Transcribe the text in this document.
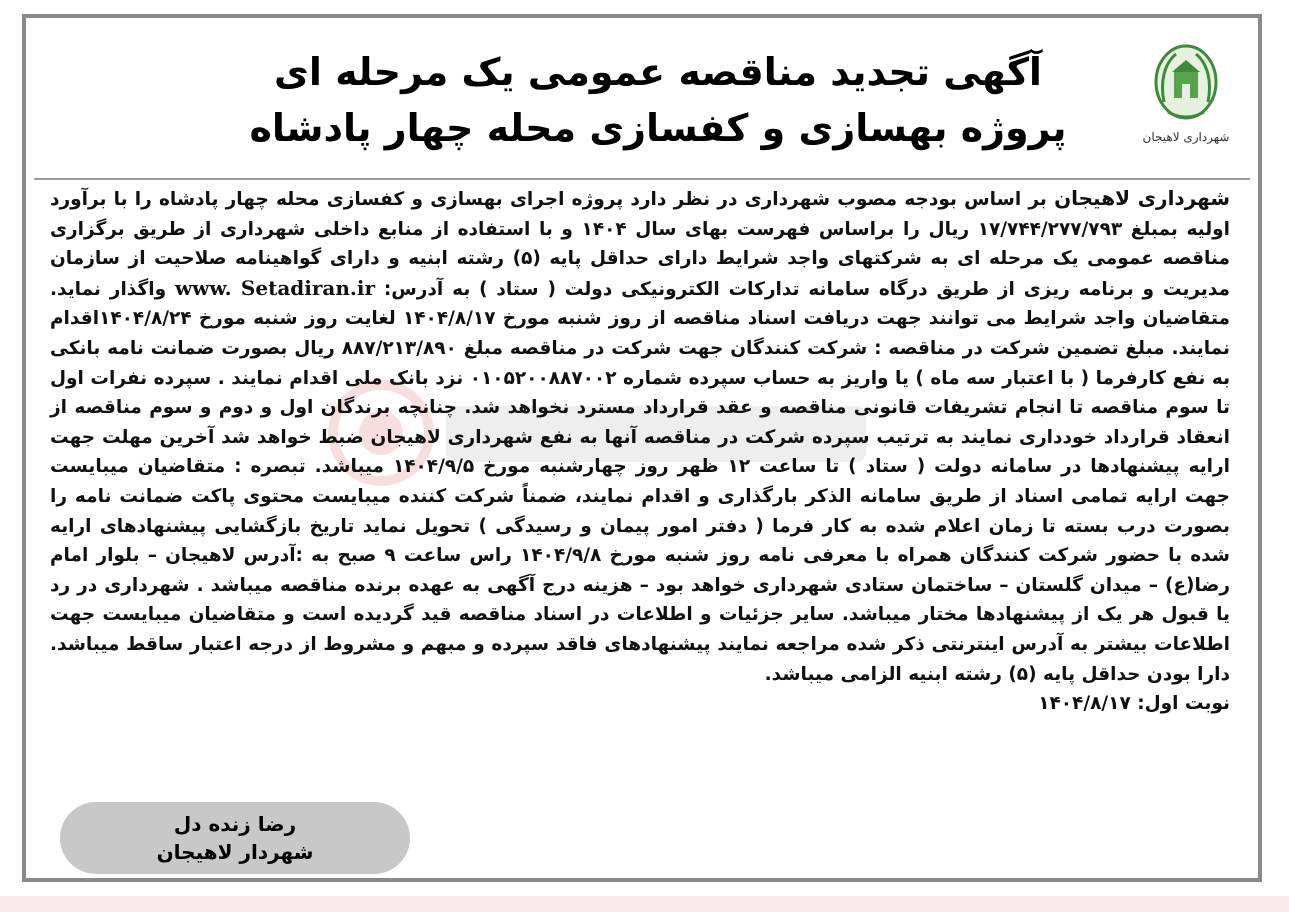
شهرداری لاهیجان
آگهی تجدید مناقصه عمومی یک مرحله ای
پروژه بهسازی و کفسازی محله چهار پادشاه
شهرداری لاهیجان بر اساس بودجه مصوب شهرداری در نظر دارد پروژه اجرای بهسازی و کفسازی محله چهار پادشاه را با برآورد اولیه بمبلغ ۱۷/۷۴۴/۲۷۷/۷۹۳ ریال را براساس فهرست بهای سال ۱۴۰۴ و با استفاده از منابع داخلی شهرداری از طریق برگزاری مناقصه عمومی یک مرحله ای به شرکتهای واجد شرایط دارای حداقل پایه (۵) رشته ابنیه و دارای گواهینامه صلاحیت از سازمان مدیریت و برنامه ریزی از طریق درگاه سامانه تدارکات الکترونیکی دولت ( ستاد ) به آدرس: www. Setadiran.ir واگذار نماید. متقاضیان واجد شرایط می توانند جهت دریافت اسناد مناقصه از روز شنبه مورخ ۱۴۰۴/۸/۱۷ لغایت روز شنبه مورخ ۱۴۰۴/۸/۲۴اقدام نمایند. مبلغ تضمین شرکت در مناقصه : شرکت کنندگان جهت شرکت در مناقصه مبلغ ۸۸۷/۲۱۳/۸۹۰ ریال بصورت ضمانت نامه بانکی به نفع کارفرما ( با اعتبار سه ماه ) یا واریز به حساب سپرده شماره ۰۱۰۵۲۰۰۸۸۷۰۰۲ نزد بانک ملی اقدام نمایند . سپرده نفرات اول تا سوم مناقصه تا انجام تشریفات قانونی مناقصه و عقد قرارداد مسترد نخواهد شد. چنانچه برندگان اول و دوم و سوم مناقصه از انعقاد قرارداد خودداری نمایند به ترتیب سپرده شرکت در مناقصه آنها به نفع شهرداری لاهیجان ضبط خواهد شد آخرین مهلت جهت ارایه پیشنهادها در سامانه دولت ( ستاد ) تا ساعت ۱۲ ظهر روز چهارشنبه مورخ ۱۴۰۴/۹/۵ میباشد. تبصره : متقاضیان میبایست جهت ارایه تمامی اسناد از طریق سامانه الذکر بارگذاری و اقدام نمایند، ضمناً شرکت کننده میبایست محتوی پاکت ضمانت نامه را بصورت درب بسته تا زمان اعلام شده به کار فرما ( دفتر امور پیمان و رسیدگی ) تحویل نماید تاریخ بازگشایی پیشنهادهای ارایه شده با حضور شرکت کنندگان همراه با معرفی نامه روز شنبه مورخ ۱۴۰۴/۹/۸ راس ساعت ۹ صبح به :آدرس لاهیجان – بلوار امام رضا(ع) – میدان گلستان – ساختمان ستادی شهرداری خواهد بود – هزینه درج آگهی به عهده برنده مناقصه میباشد . شهرداری در رد یا قبول هر یک از پیشنهادها مختار میباشد. سایر جزئیات و اطلاعات در اسناد مناقصه قید گردیده است و متقاضیان میبایست جهت اطلاعات بیشتر به آدرس اینترنتی ذکر شده مراجعه نمایند پیشنهادهای فاقد سپرده و مبهم و مشروط از درجه اعتبار ساقط میباشد. دارا بودن حداقل پایه (۵) رشته ابنیه الزامی میباشد.
نوبت اول: ۱۴۰۴/۸/۱۷
رضا زنده دل
شهردار لاهیجان
